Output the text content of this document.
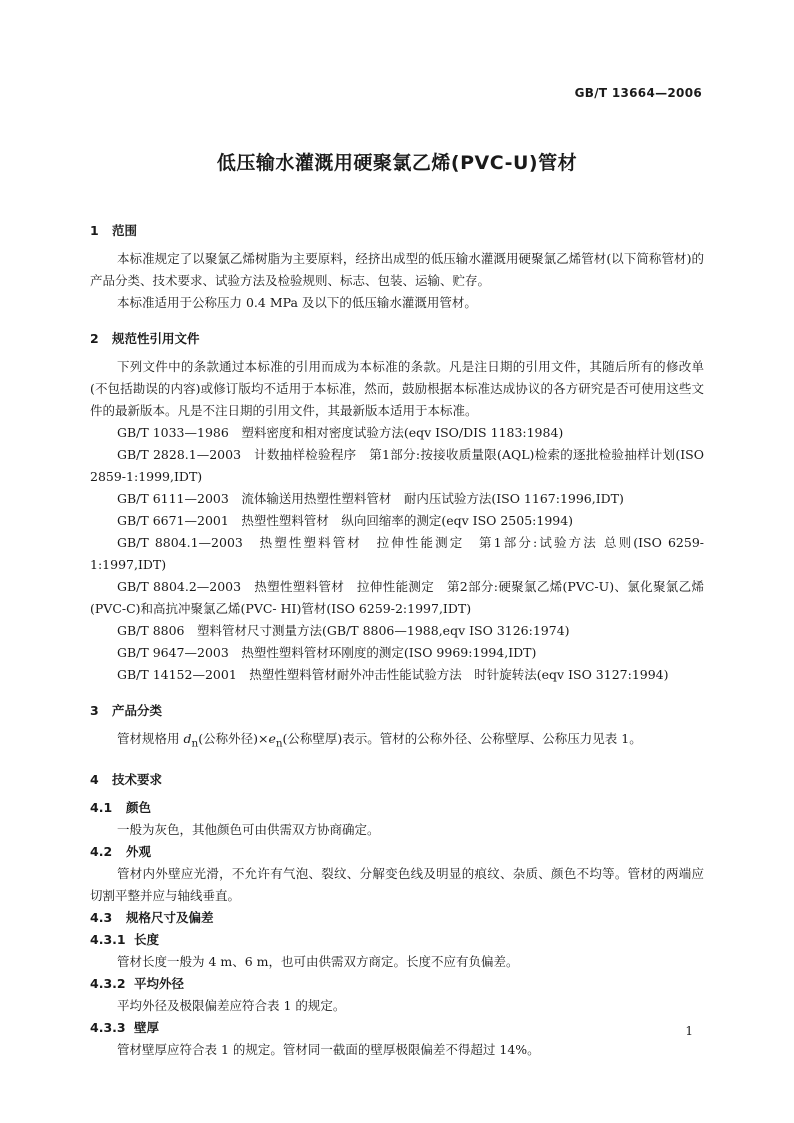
GB/T 13664—2006
低压输水灌溉用硬聚氯乙烯(PVC-U)管材
1 范围

本标准规定了以聚氯乙烯树脂为主要原料，经挤出成型的低压输水灌溉用硬聚氯乙烯管材(以下简称管材)的产品分类、技术要求、试验方法及检验规则、标志、包装、运输、贮存。

本标准适用于公称压力 0.4 MPa 及以下的低压输水灌溉用管材。

2 规范性引用文件

下列文件中的条款通过本标准的引用而成为本标准的条款。凡是注日期的引用文件，其随后所有的修改单(不包括勘误的内容)或修订版均不适用于本标准，然而，鼓励根据本标准达成协议的各方研究是否可使用这些文件的最新版本。凡是不注日期的引用文件，其最新版本适用于本标准。

GB/T 1033—1986　塑料密度和相对密度试验方法(eqv ISO/DIS 1183:1984)

GB/T 2828.1—2003　计数抽样检验程序　第1部分:按接收质量限(AQL)检索的逐批检验抽样计划(ISO 2859-1:1999,IDT)

GB/T 6111—2003　流体输送用热塑性塑料管材　耐内压试验方法(ISO 1167:1996,IDT)

GB/T 6671—2001　热塑性塑料管材　纵向回缩率的测定(eqv ISO 2505:1994)

GB/T 8804.1—2003　热塑性塑料管材　拉伸性能测定　第1部分:试验方法 总则(ISO 6259-1:1997,IDT)

GB/T 8804.2—2003　热塑性塑料管材　拉伸性能测定　第2部分:硬聚氯乙烯(PVC-U)、氯化聚氯乙烯(PVC-C)和高抗冲聚氯乙烯(PVC- HI)管材(ISO 6259-2:1997,IDT)

GB/T 8806　塑料管材尺寸测量方法(GB/T 8806—1988,eqv ISO 3126:1974)

GB/T 9647—2003　热塑性塑料管材环刚度的测定(ISO 9969:1994,IDT)

GB/T 14152—2001　热塑性塑料管材耐外冲击性能试验方法　时针旋转法(eqv ISO 3127:1994)

3 产品分类

管材规格用 $d_n$(公称外径)$\times e_n$(公称壁厚)表示。管材的公称外径、公称壁厚、公称压力见表 1。

4 技术要求
4.1 颜色

一般为灰色，其他颜色可由供需双方协商确定。

4.2 外观

管材内外壁应光滑，不允许有气泡、裂纹、分解变色线及明显的痕纹、杂质、颜色不均等。管材的两端应切割平整并应与轴线垂直。

4.3 规格尺寸及偏差
4.3.1 长度

管材长度一般为 4 m、6 m，也可由供需双方商定。长度不应有负偏差。

4.3.2 平均外径

平均外径及极限偏差应符合表 1 的规定。

4.3.3 壁厚

管材壁厚应符合表 1 的规定。管材同一截面的壁厚极限偏差不得超过 14%。

1
